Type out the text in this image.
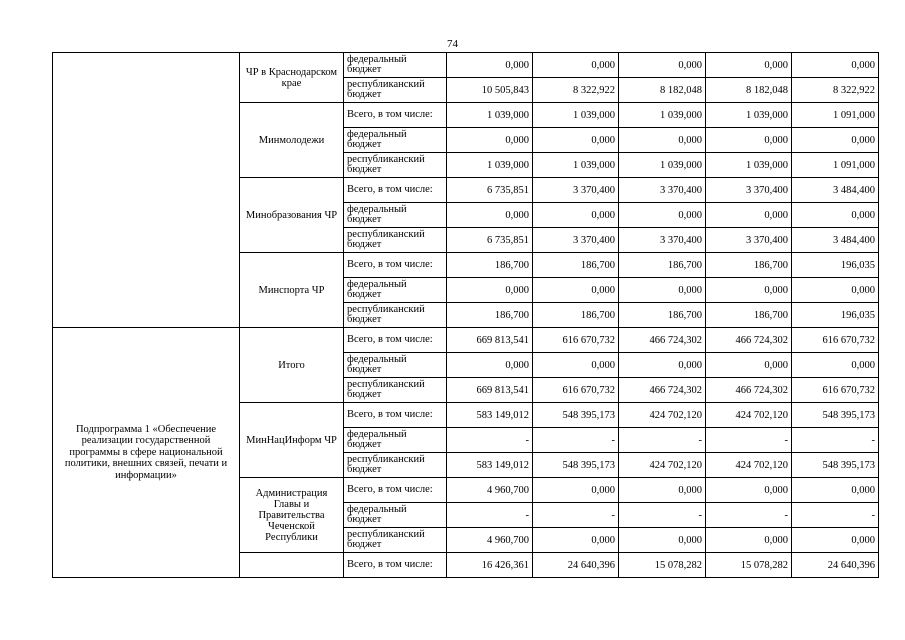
74
	ЧР в Краснодарском крае	федеральный бюджет	0,000	0,000	0,000	0,000	0,000
		республиканский бюджет	10 505,843	8 322,922	8 182,048	8 182,048	8 322,922
	Минмолодежи	Всего, в том числе:	1 039,000	1 039,000	1 039,000	1 039,000	1 091,000
		федеральный бюджет	0,000	0,000	0,000	0,000	0,000
		республиканский бюджет	1 039,000	1 039,000	1 039,000	1 039,000	1 091,000
	Минобразования ЧР	Всего, в том числе:	6 735,851	3 370,400	3 370,400	3 370,400	3 484,400
		федеральный бюджет	0,000	0,000	0,000	0,000	0,000
		республиканский бюджет	6 735,851	3 370,400	3 370,400	3 370,400	3 484,400
	Минспорта ЧР	Всего, в том числе:	186,700	186,700	186,700	186,700	196,035
		федеральный бюджет	0,000	0,000	0,000	0,000	0,000
		республиканский бюджет	186,700	186,700	186,700	186,700	196,035
Подпрограмма 1 «Обеспечение реализации государственной программы в сфере национальной политики, внешних связей, печати и информации»	Итого	Всего, в том числе:	669 813,541	616 670,732	466 724,302	466 724,302	616 670,732
		федеральный бюджет	0,000	0,000	0,000	0,000	0,000
		республиканский бюджет	669 813,541	616 670,732	466 724,302	466 724,302	616 670,732
	МинНацИнформ ЧР	Всего, в том числе:	583 149,012	548 395,173	424 702,120	424 702,120	548 395,173
		федеральный бюджет	-	-	-	-	-
		республиканский бюджет	583 149,012	548 395,173	424 702,120	424 702,120	548 395,173
	Администрация Главы и Правительства Чеченской Республики	Всего, в том числе:	4 960,700	0,000	0,000	0,000	0,000
		федеральный бюджет	-	-	-	-	-
		республиканский бюджет	4 960,700	0,000	0,000	0,000	0,000
		Всего, в том числе:	16 426,361	24 640,396	15 078,282	15 078,282	24 640,396
